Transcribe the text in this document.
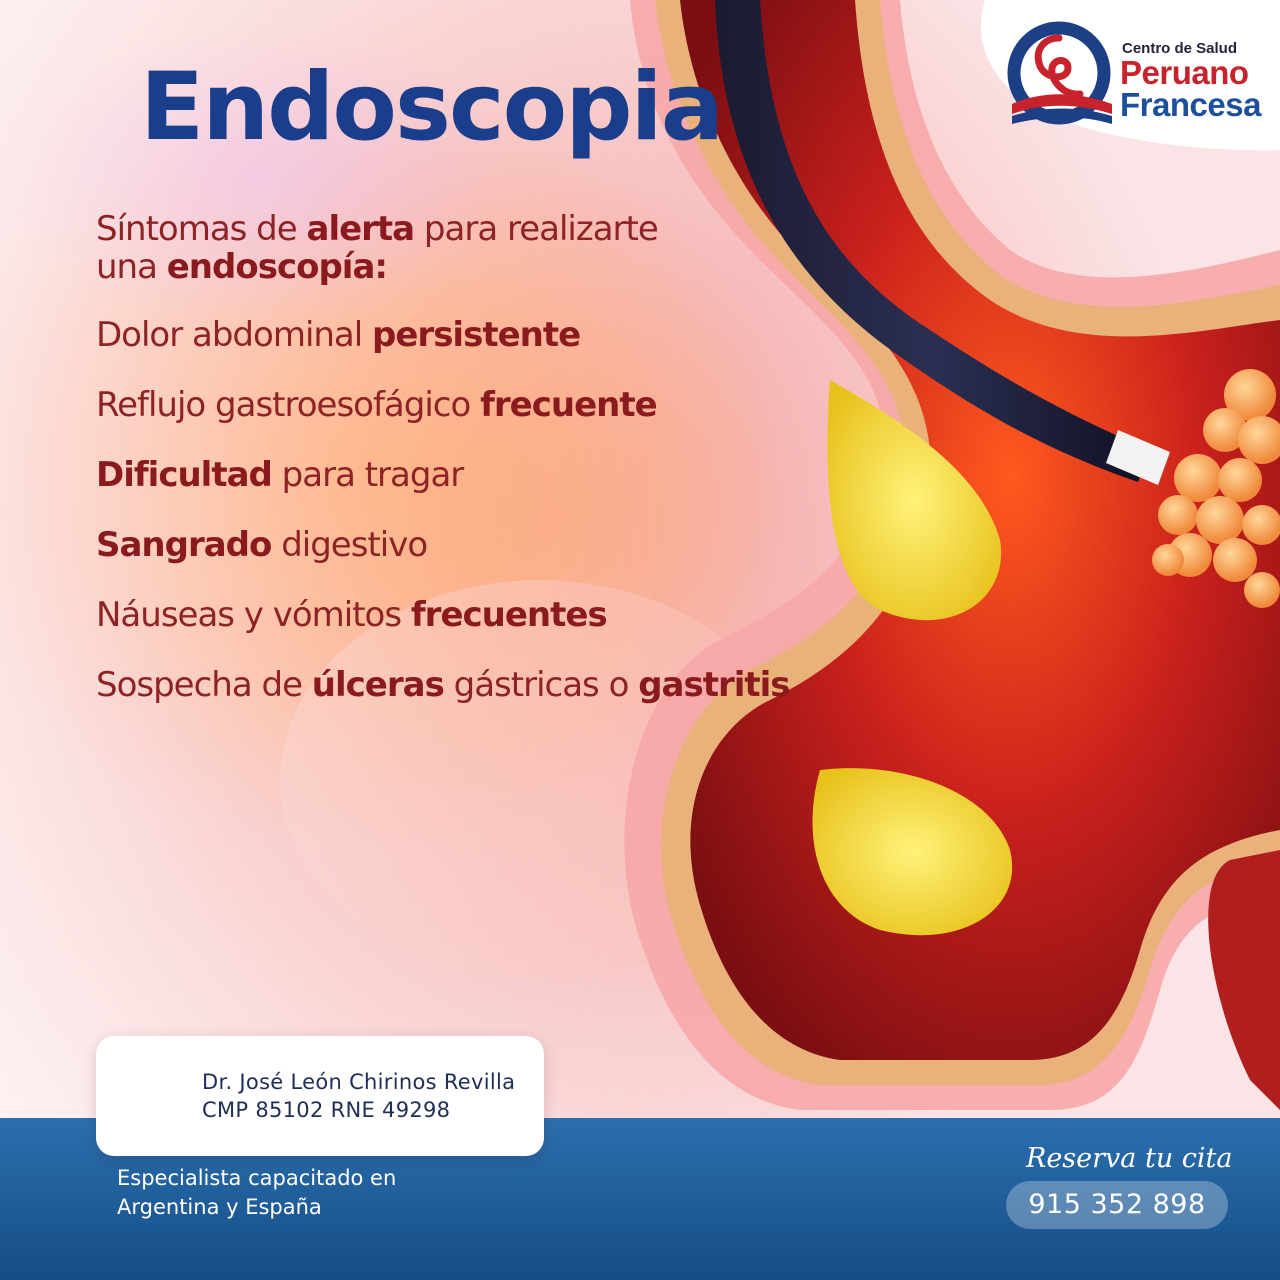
Endoscopia

Síntomas de alerta para realizarte
una endoscopía:

Dolor abdominal persistente
Reflujo gastroesofágico frecuente
Dificultad para tragar
Sangrado digestivo
Náuseas y vómitos frecuentes
Sospecha de úlceras gástricas o gastritis
Centro de Salud
Peruano
Francesa
Dr. José León Chirinos Revilla
CMP 85102 RNE 49298

Especialista capacitado en
Argentina y España

Reserva tu cita
915 352 898
